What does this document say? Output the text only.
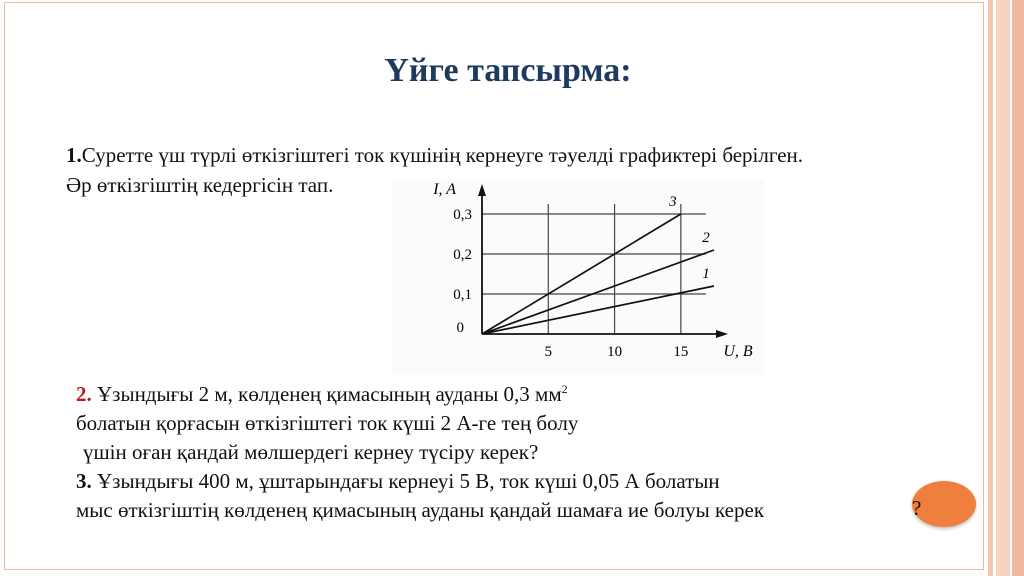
Үйге тапсырма:
1.Суретте үш түрлі өткізгіштегі ток күшінің кернеуге тәуелді графиктері берілген.
Әр өткізгіштің кедергісін тап.
0,1
0,2
0,3
5	10	15
0
I, A
U, B
1
2
3
2. Ұзындығы 2 м, көлденең қимасының ауданы 0,3 $мм^2$
болатын қорғасын өткізгіштегі ток күші 2 А-ге тең болу
үшін оған қандай мөлшердегі кернеу түсіру керек?
3. Ұзындығы 400 м, ұштарындағы кернеуі 5 В, ток күші 0,05 А болатын
мыс өткізгіштің көлденең қимасының ауданы қандай шамаға ие болуы керек	?
